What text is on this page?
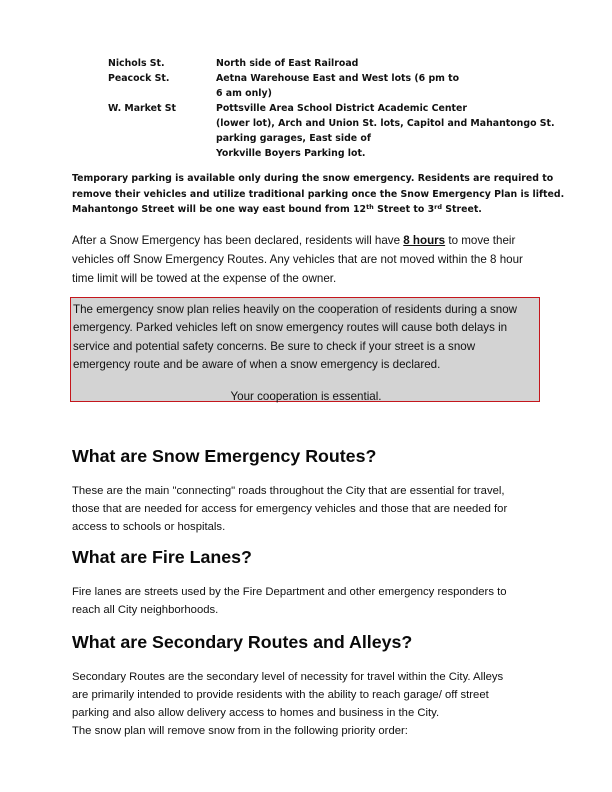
Nichols St.	North side of East Railroad
Peacock St.	Aetna Warehouse East and West lots (6 pm to
6 am only)
W. Market St	Pottsville Area School District Academic Center
(lower lot), Arch and Union St. lots, Capitol and Mahantongo St.
parking garages, East side of
Yorkville Boyers Parking lot.
Temporary parking is available only during the snow emergency. Residents are required to
remove their vehicles and utilize traditional parking once the Snow Emergency Plan is lifted.
Mahantongo Street will be one way east bound from 12th Street to 3rd Street.
After a Snow Emergency has been declared, residents will have 8 hours to move their
vehicles off Snow Emergency Routes. Any vehicles that are not moved within the 8 hour
time limit will be towed at the expense of the owner.
The emergency snow plan relies heavily on the cooperation of residents during a snow
emergency. Parked vehicles left on snow emergency routes will cause both delays in
service and potential safety concerns. Be sure to check if your street is a snow
emergency route and be aware of when a snow emergency is declared.
Your cooperation is essential.
What are Snow Emergency Routes?
These are the main "connecting" roads throughout the City that are essential for travel,
those that are needed for access for emergency vehicles and those that are needed for
access to schools or hospitals.
What are Fire Lanes?
Fire lanes are streets used by the Fire Department and other emergency responders to
reach all City neighborhoods.
What are Secondary Routes and Alleys?
Secondary Routes are the secondary level of necessity for travel within the City. Alleys
are primarily intended to provide residents with the ability to reach garage/ off street
parking and also allow delivery access to homes and business in the City.
The snow plan will remove snow from in the following priority order:
